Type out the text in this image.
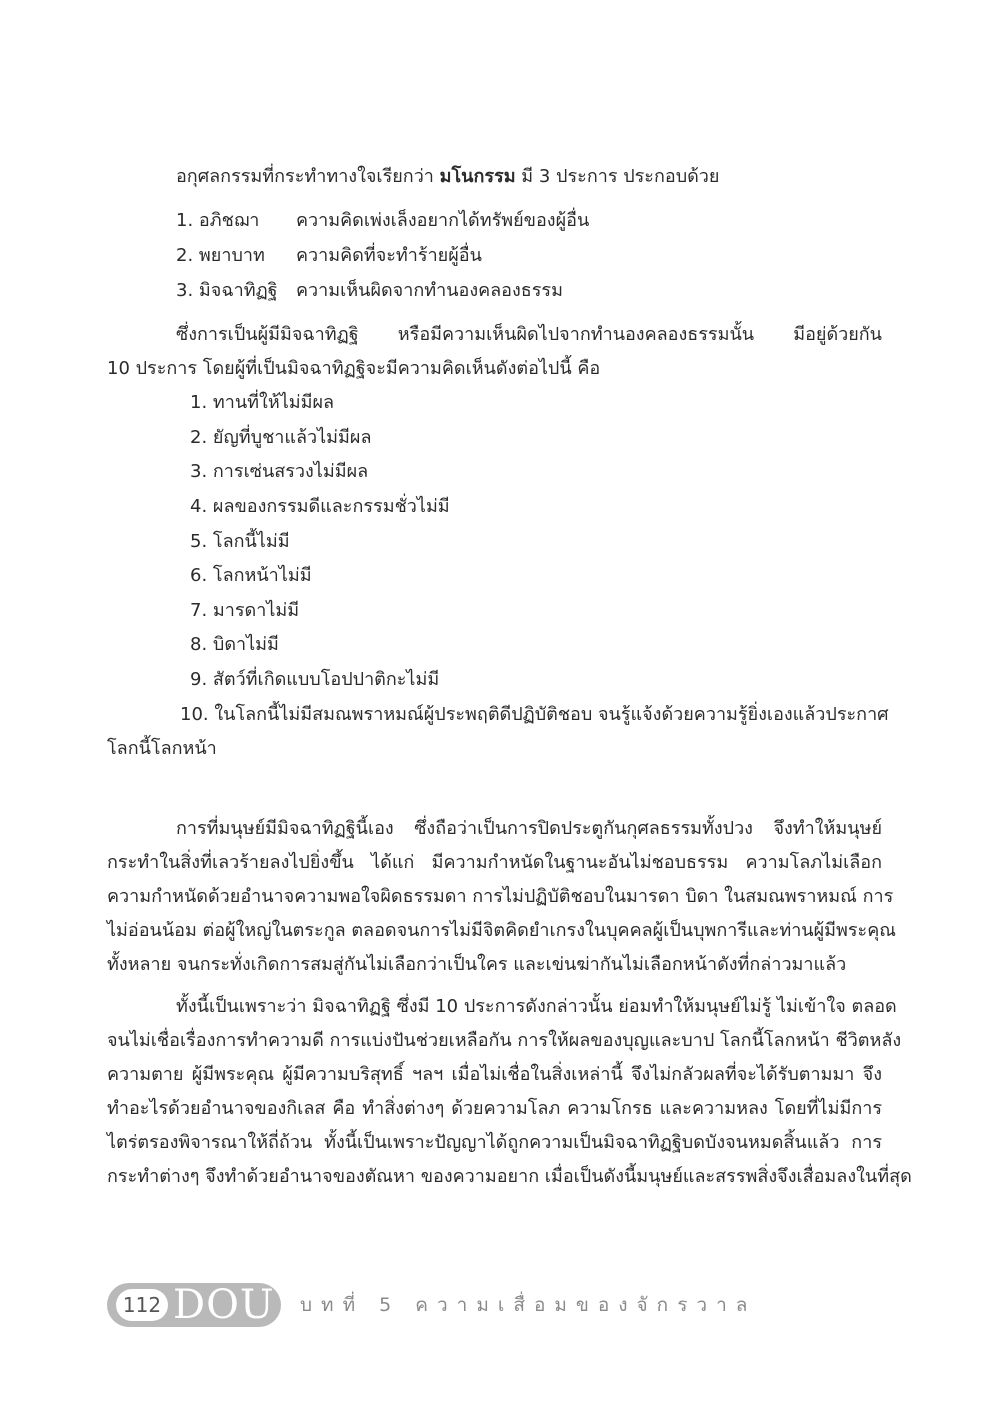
อกุศลกรรมที่กระทำทางใจเรียกว่า มโนกรรม มี 3 ประการ ประกอบด้วย
1. อภิชฌา ความคิดเพ่งเล็งอยากได้ทรัพย์ของผู้อื่น
2. พยาบาท ความคิดที่จะทำร้ายผู้อื่น
3. มิจฉาทิฏฐิ ความเห็นผิดจากทำนองคลองธรรม
ซึ่งการเป็นผู้มีมิจฉาทิฏฐิ หรือมีความเห็นผิดไปจากทำนองคลองธรรมนั้น มีอยู่ด้วยกัน
10 ประการ โดยผู้ที่เป็นมิจฉาทิฏฐิจะมีความคิดเห็นดังต่อไปนี้ คือ
1. ทานที่ให้ไม่มีผล
2. ยัญที่บูชาแล้วไม่มีผล
3. การเซ่นสรวงไม่มีผล
4. ผลของกรรมดีและกรรมชั่วไม่มี
5. โลกนี้ไม่มี
6. โลกหน้าไม่มี
7. มารดาไม่มี
8. บิดาไม่มี
9. สัตว์ที่เกิดแบบโอปปาติกะไม่มี
10. ในโลกนี้ไม่มีสมณพราหมณ์ผู้ประพฤติดีปฏิบัติชอบ จนรู้แจ้งด้วยความรู้ยิ่งเองแล้วประกาศ
โลกนี้โลกหน้า
การที่มนุษย์มีมิจฉาทิฏฐินี้เอง ซึ่งถือว่าเป็นการปิดประตูกันกุศลธรรมทั้งปวง จึงทำให้มนุษย์
กระทำในสิ่งที่เลวร้ายลงไปยิ่งขึ้น ได้แก่ มีความกำหนัดในฐานะอันไม่ชอบธรรม ความโลภไม่เลือก
ความกำหนัดด้วยอำนาจความพอใจผิดธรรมดา การไม่ปฏิบัติชอบในมารดา บิดา ในสมณพราหมณ์ การ
ไม่อ่อนน้อม ต่อผู้ใหญ่ในตระกูล ตลอดจนการไม่มีจิตคิดยำเกรงในบุคคลผู้เป็นบุพการีและท่านผู้มีพระคุณ
ทั้งหลาย จนกระทั่งเกิดการสมสู่กันไม่เลือกว่าเป็นใคร และเข่นฆ่ากันไม่เลือกหน้าดังที่กล่าวมาแล้ว
ทั้งนี้เป็นเพราะว่า มิจฉาทิฏฐิ ซึ่งมี 10 ประการดังกล่าวนั้น ย่อมทำให้มนุษย์ไม่รู้ ไม่เข้าใจ ตลอด
จนไม่เชื่อเรื่องการทำความดี การแบ่งปันช่วยเหลือกัน การให้ผลของบุญและบาป โลกนี้โลกหน้า ชีวิตหลัง
ความตาย ผู้มีพระคุณ ผู้มีความบริสุทธิ์ ฯลฯ เมื่อไม่เชื่อในสิ่งเหล่านี้ จึงไม่กลัวผลที่จะได้รับตามมา จึง
ทำอะไรด้วยอำนาจของกิเลส คือ ทำสิ่งต่างๆ ด้วยความโลภ ความโกรธ และความหลง โดยที่ไม่มีการ
ไตร่ตรองพิจารณาให้ถี่ถ้วน ทั้งนี้เป็นเพราะปัญญาได้ถูกความเป็นมิจฉาทิฏฐิบดบังจนหมดสิ้นแล้ว การ
กระทำต่างๆ จึงทำด้วยอำนาจของตัณหา ของความอยาก เมื่อเป็นดังนี้มนุษย์และสรรพสิ่งจึงเสื่อมลงในที่สุด
112 DOU บทที่ 5 ความเสื่อมของจักรวาล
